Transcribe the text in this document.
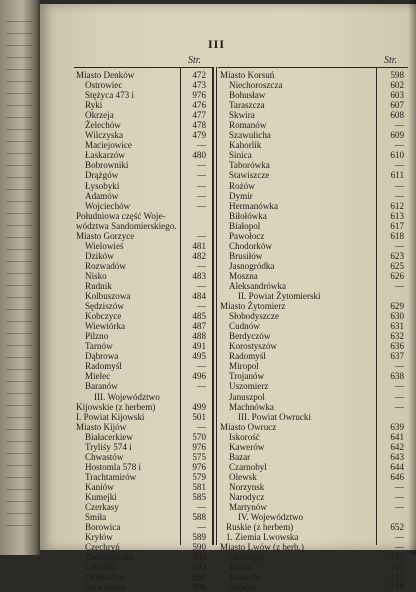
III
Str.	Str.
Miasto Denków	472
Ostrowiec	473
Stężyca 473 i	976
Ryki	476
Okrzeja	477
Żelechów	478
Wilczyska	479
Maciejowice	—
Łaskarzów	480
Bobrowniki	—
Drążgów	—
Łysobyki	—
Adamów	—
Wojciechów	—
Południowa część Woje-
wództwa Sandomierskiego.
Miasto Gorzyce	—
Wielowieś	481
Dzików	482
Rozwadów	—
Nisko	483
Rudnik	—
Kolbuszowa	484
Sędziszów	—
Kobczyce	485
Wiewiórka	487
Pilzno	488
Tarnów	491
Dąbrowa	495
Radomyśl	—
Mielec	496
Baranów	—
III. Województwo
Kijowskie (z herbem)	499
I. Powiat Kijowski	501
Miasto Kijów	—
Białacerkiew	570
Tryliśy 574 i	976
Chwastów	575
Hostomla 578 i	976
Trachtamirów	579
Kaniów	581
Kumejki	585
Czerkasy	—
Smiła	588
Borowica	—
Kryłów	589
Czechryń	590
Zwinogródka	592
Lisianka	593
Ochmatów	597
Stawiszcze	598
Miasto Korsuń	598
Niechoroszcza	602
Bohusław	603
Taraszcza	607
Skwira	608
Romanów	—
Szawulicha	609
Kahorlik	—
Sinica	610
Taborówka	—
Stawiszcze	611
Rożów	—
Dymir	—
Hermanówka	612
Biłołówka	613
Białopol	617
Pawołocz	618
Chodorków	—
Brusiłów	623
Jasnogródka	625
Moszna	626
Aleksandrówka	—
II. Powiat Żytomierski
Miasto Żytomierz	629
Słobodyszcze	630
Cudnów	631
Berdyczów	632
Korostyszów	636
Radomyśl	637
Miropol	—
Trojanów	638
Uszomierz	—
Januszpol	—
Machnówka	—
III. Powiat Owrucki
Miasto Owrucz	639
Iskorość	641
Kawerów	642
Bazar	643
Czarnobyl	644
Olewsk	646
Norzynsk	—
Narodycz	—
Martynów	—
IV. Województwo
Ruskie (z herbem)	652
1. Ziemia Lwowska	—
Miasto Lwów (z herb.)	—
Obroszyn	711
Janów	712
Jaworów	713
Gródek	718
